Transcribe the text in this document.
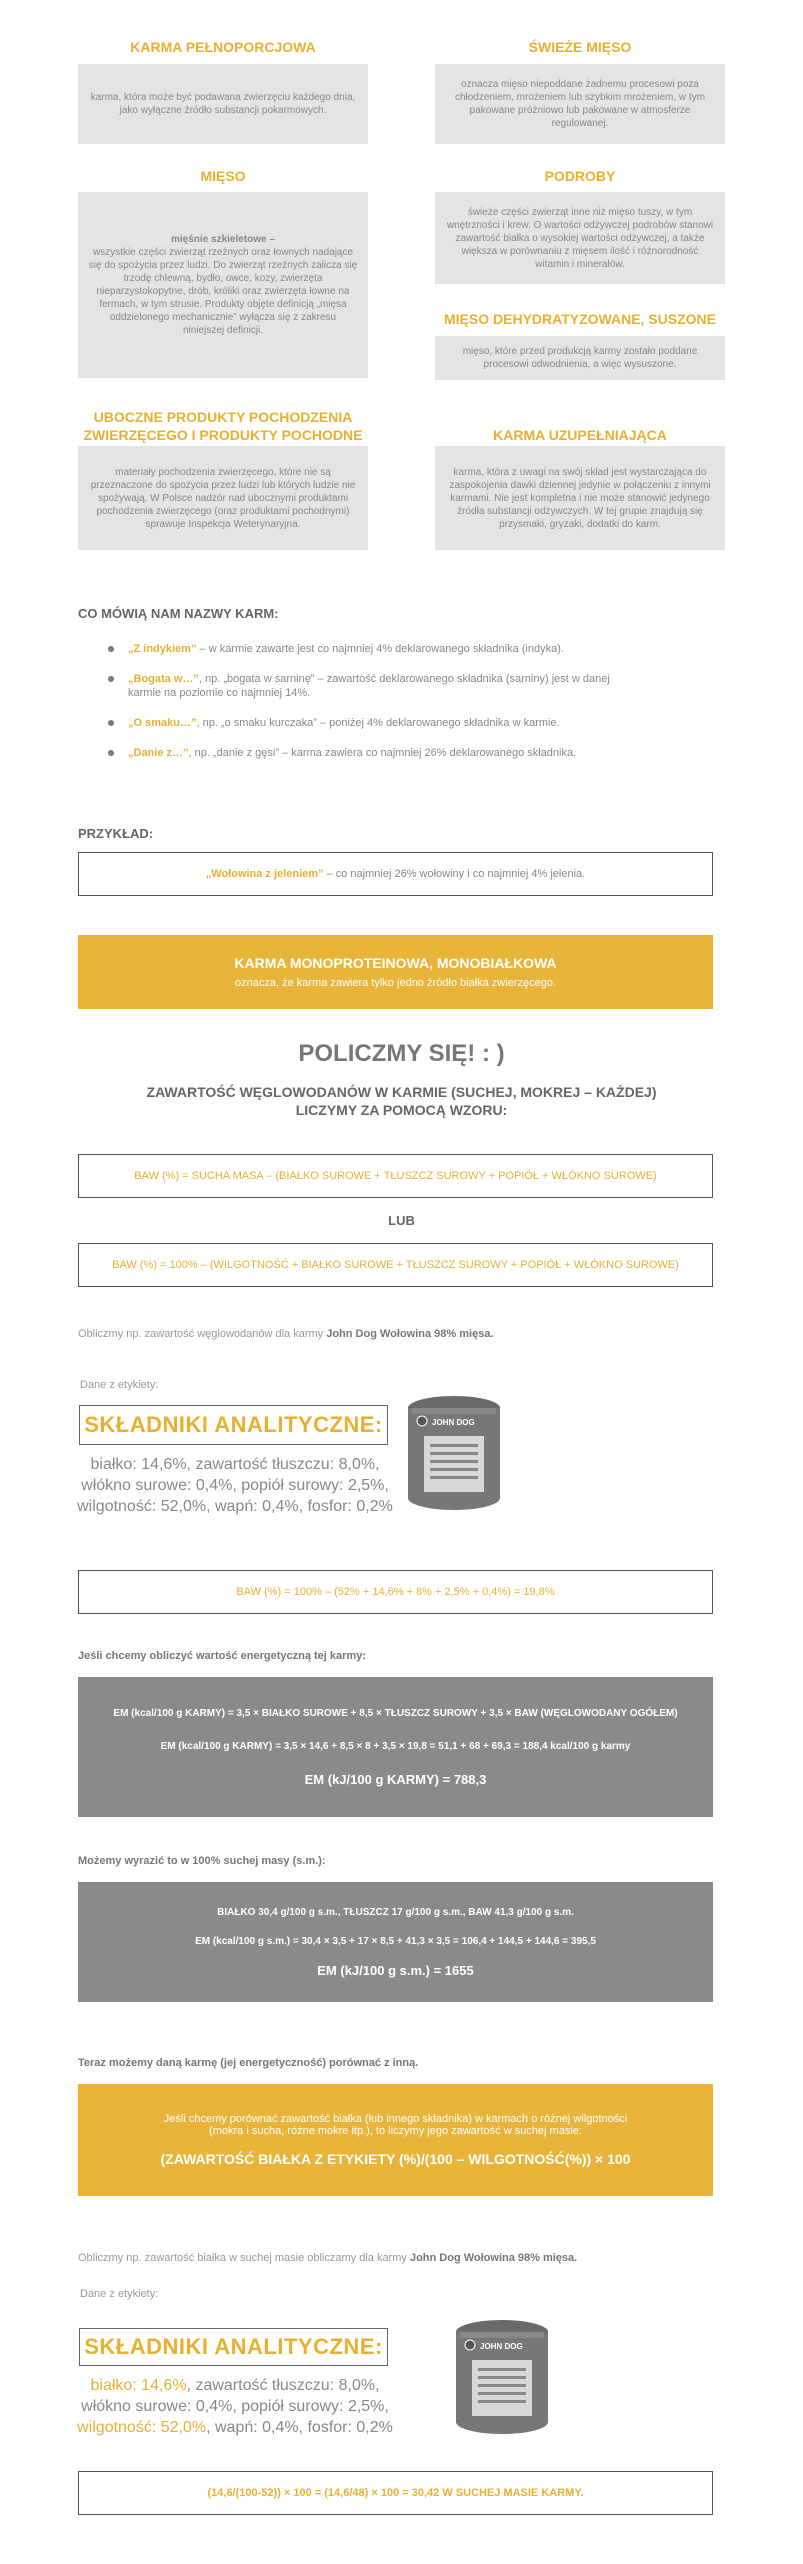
KARMA PEŁNOPORCJOWA
karma, która może być podawana zwierzęciu każdego dnia, jako wyłączne źródło substancji pokarmowych.
ŚWIEŻE MIĘSO
oznacza mięso niepoddane żadnemu procesowi poza chłodzeniem, mrożeniem lub szybkim mrożeniem, w tym pakowane próżniowo lub pakowane w atmosferze regulowanej.
MIĘSO
mięśnie szkieletowe –
wszystkie części zwierząt rzeźnych oraz łownych nadające się do spożycia przez ludzi. Do zwierząt rzeźnych zalicza się trzodę chlewną, bydło, owce, kozy, zwierzęta nieparzystokopytne, drób, króliki oraz zwierzęta łowne na fermach, w tym strusie. Produkty objęte definicją „mięsa oddzielonego mechanicznie” wyłącza się z zakresu niniejszej definicji.
PODROBY
świeże części zwierząt inne niż mięso tuszy, w tym wnętrzności i krew. O wartości odżywczej podrobów stanowi zawartość białka o wysokiej wartości odżywczej, a także większa w porównaniu z mięsem ilość i różnorodność witamin i minerałów.
MIĘSO DEHYDRATYZOWANE, SUSZONE
mięso, które przed produkcją karmy zostało poddane procesowi odwodnienia, a więc wysuszone.
UBOCZNE PRODUKTY POCHODZENIA ZWIERZĘCEGO I PRODUKTY POCHODNE
materiały pochodzenia zwierzęcego, które nie są przeznaczone do spożycia przez ludzi lub których ludzie nie spożywają. W Polsce nadzór nad ubocznymi produktami pochodzenia zwierzęcego (oraz produktami pochodnymi) sprawuje Inspekcja Weterynaryjna.
KARMA UZUPEŁNIAJĄCA
karma, która z uwagi na swój skład jest wystarczająca do zaspokojenia dawki dziennej jedynie w połączeniu z innymi karmami. Nie jest kompletna i nie może stanowić jedynego źródła substancji odżywczych. W tej grupie znajdują się przysmaki, gryzaki, dodatki do karm.
CO MÓWIĄ NAM NAZWY KARM:
„Z indykiem” – w karmie zawarte jest co najmniej 4% deklarowanego składnika (indyka).
„Bogata w…”, np. „bogata w sarninę” – zawartość deklarowanego składnika (sarniny) jest w danej karmie na poziomie co najmniej 14%.
„O smaku…”, np. „o smaku kurczaka” – poniżej 4% deklarowanego składnika w karmie.
„Danie z…”, np. „danie z gęsi” – karma zawiera co najmniej 26% deklarowanego składnika.
PRZYKŁAD:
„Wołowina z jeleniem” – co najmniej 26% wołowiny i co najmniej 4% jelenia.
KARMA MONOPROTEINOWA, MONOBIAŁKOWA
oznacza, że karma zawiera tylko jedno źródło białka zwierzęcego.
POLICZMY SIĘ! : )
ZAWARTOŚĆ WĘGLOWODANÓW W KARMIE (SUCHEJ, MOKREJ – KAŻDEJ)
LICZYMY ZA POMOCĄ WZORU:
BAW (%) = SUCHA MASA – (BIAŁKO SUROWE + TŁUSZCZ SUROWY + POPIÓŁ + WŁÓKNO SUROWE)
LUB
BAW (%) = 100% – (WILGOTNOŚĆ + BIAŁKO SUROWE + TŁUSZCZ SUROWY + POPIÓŁ + WŁÓKNO SUROWE)
Obliczmy np. zawartość węglowodanów dla karmy John Dog Wołowina 98% mięsa.
Dane z etykiety:
SKŁADNIKI ANALITYCZNE:
białko: 14,6%, zawartość tłuszczu: 8,0%,
włókno surowe: 0,4%, popiół surowy: 2,5%,
wilgotność: 52,0%, wapń: 0,4%, fosfor: 0,2%
JOHN DOG
BAW (%) = 100% – (52% + 14,6% + 8% + 2,5% + 0,4%) = 19,8%
Jeśli chcemy obliczyć wartość energetyczną tej karmy:
EM (kcal/100 g KARMY) = 3,5 × BIAŁKO SUROWE + 8,5 × TŁUSZCZ SUROWY + 3,5 × BAW (WĘGLOWODANY OGÓŁEM)
EM (kcal/100 g KARMY) = 3,5 × 14,6 + 8,5 × 8 + 3,5 × 19,8 = 51,1 + 68 + 69,3 = 188,4 kcal/100 g karmy
EM (kJ/100 g KARMY) = 788,3
Możemy wyrazić to w 100% suchej masy (s.m.):
BIAŁKO 30,4 g/100 g s.m., TŁUSZCZ 17 g/100 g s.m., BAW 41,3 g/100 g s.m.
EM (kcal/100 g s.m.) = 30,4 × 3,5 + 17 × 8,5 + 41,3 × 3,5 = 106,4 + 144,5 + 144,6 = 395,5
EM (kJ/100 g s.m.) = 1655
Teraz możemy daną karmę (jej energetyczność) porównać z inną.
Jeśli chcemy porównać zawartość białka (lub innego składnika) w karmach o różnej wilgotności
(mokra i sucha, różne mokre itp.), to liczymy jego zawartość w suchej masie:
(ZAWARTOŚĆ BIAŁKA Z ETYKIETY (%)/(100 – WILGOTNOŚĆ(%)) × 100
Obliczmy np. zawartość białka w suchej masie obliczamy dla karmy John Dog Wołowina 98% mięsa.
Dane z etykiety:
SKŁADNIKI ANALITYCZNE:
białko: 14,6%, zawartość tłuszczu: 8,0%,
włókno surowe: 0,4%, popiół surowy: 2,5%,
wilgotność: 52,0%, wapń: 0,4%, fosfor: 0,2%
JOHN DOG
(14,6/(100-52)) × 100 = (14,6/48) × 100 = 30,42 W SUCHEJ MASIE KARMY.
